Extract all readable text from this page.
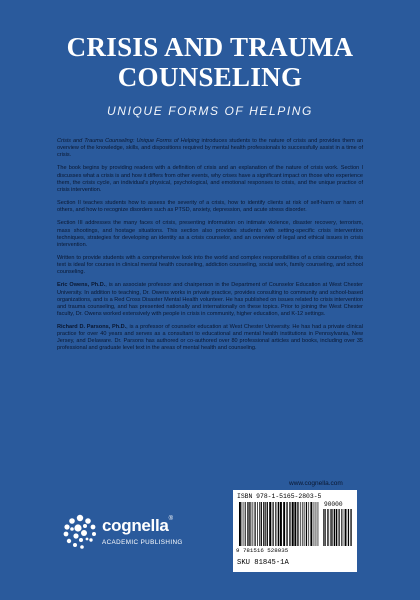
CRISIS AND TRAUMA
COUNSELING
UNIQUE FORMS OF HELPING

Crisis and Trauma Counseling: Unique Forms of Helping introduces students to the nature of crisis and provides them an overview of the knowledge, skills, and dispositions required by mental health professionals to successfully assist in a time of crisis.

The book begins by providing readers with a definition of crisis and an explanation of the nature of crisis work. Section I discusses what a crisis is and how it differs from other events, why crises have a significant impact on those who experience them, the crisis cycle, an individual's physical, psychological, and emotional responses to crisis, and the unique practice of crisis intervention.

Section II teaches students how to assess the severity of a crisis, how to identify clients at risk of self-harm or harm of others, and how to recognize disorders such as PTSD, anxiety, depression, and acute stress disorder.

Section III addresses the many faces of crisis, presenting information on intimate violence, disaster recovery, terrorism, mass shootings, and hostage situations. This section also provides students with setting-specific crisis intervention techniques, strategies for developing an identity as a crisis counselor, and an overview of legal and ethical issues in crisis intervention.

Written to provide students with a comprehensive look into the world and complex responsibilities of a crisis counselor, this text is ideal for courses in clinical mental health counseling, addiction counseling, social work, family counseling, and school counseling.

Eric Owens, Ph.D., is an associate professor and chairperson in the Department of Counselor Education at West Chester University. In addition to teaching, Dr. Owens works in private practice, provides consulting to community and school-based organizations, and is a Red Cross Disaster Mental Health volunteer. He has published on issues related to crisis intervention and trauma counseling, and has presented nationally and internationally on these topics. Prior to joining the West Chester faculty, Dr. Owens worked extensively with people in crisis in community, higher education, and K-12 settings.

Richard D. Parsons, Ph.D., is a professor of counselor education at West Chester University. He has had a private clinical practice for over 40 years and serves as a consultant to educational and mental health institutions in Pennsylvania, New Jersey, and Delaware. Dr. Parsons has authored or co-authored over 80 professional articles and books, including over 35 professional and graduate level text in the areas of mental health and counseling.

www.cognella.com
cognella®
ACADEMIC PUBLISHING
ISBN 978-1-5165-2803-5
90000
9 781516 528035
SKU 81845-1A
